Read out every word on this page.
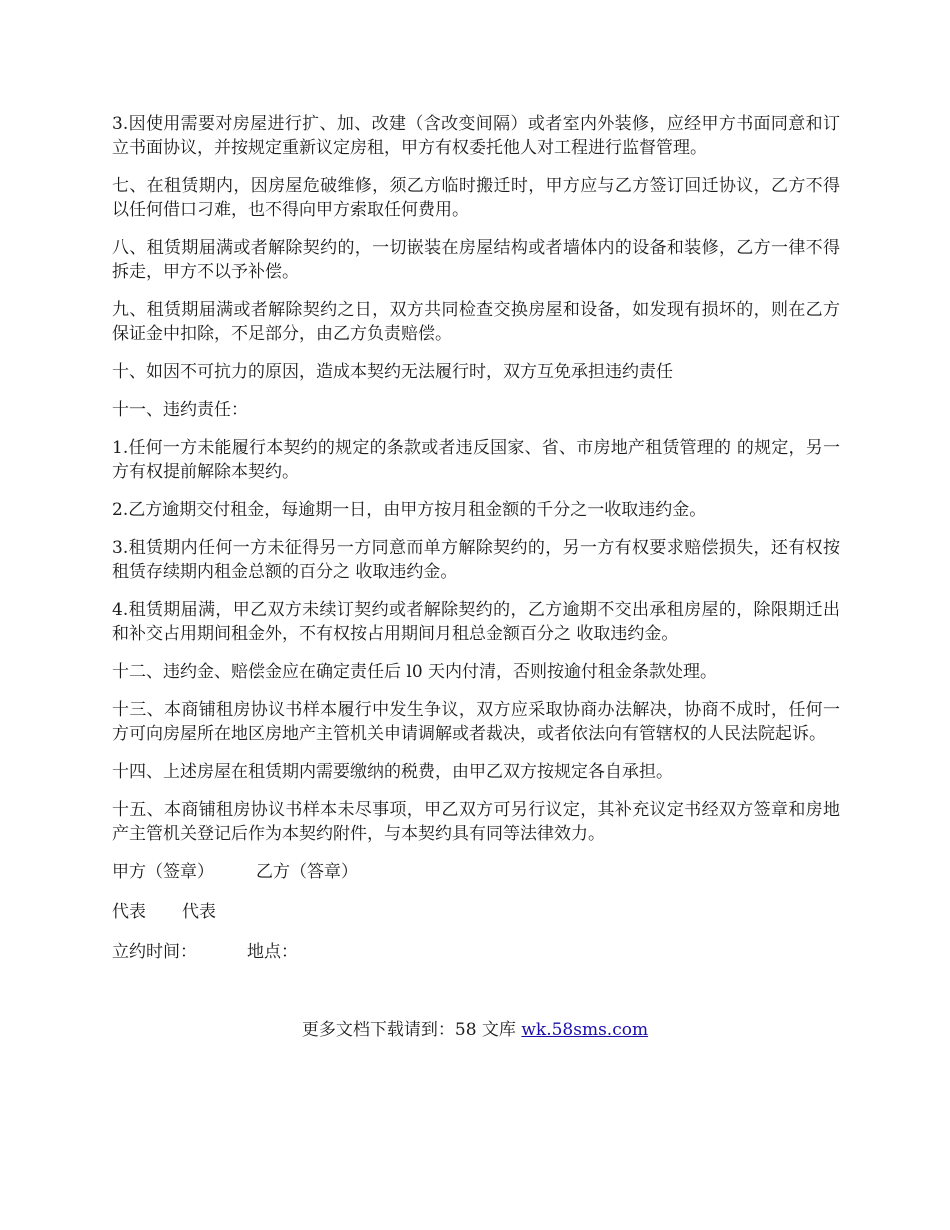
3.因使用需要对房屋进行扩、加、改建（含改变间隔）或者室内外装修，应经甲方书面同意和订立书面协议，并按规定重新议定房租，甲方有权委托他人对工程进行监督管理。

七、在租赁期内，因房屋危破维修，须乙方临时搬迁时，甲方应与乙方签订回迁协议，乙方不得以任何借口刁难，也不得向甲方索取任何费用。

八、租赁期届满或者解除契约的，一切嵌装在房屋结构或者墙体内的设备和装修，乙方一律不得拆走，甲方不以予补偿。

九、租赁期届满或者解除契约之日，双方共同检查交换房屋和设备，如发现有损坏的，则在乙方保证金中扣除，不足部分，由乙方负责赔偿。

十、如因不可抗力的原因，造成本契约无法履行时，双方互免承担违约责任

十一、违约责任：

1.任何一方未能履行本契约的规定的条款或者违反国家、省、市房地产租赁管理的 的规定，另一方有权提前解除本契约。

2.乙方逾期交付租金，每逾期一日，由甲方按月租金额的千分之一收取违约金。

3.租赁期内任何一方未征得另一方同意而单方解除契约的，另一方有权要求赔偿损失，还有权按租赁存续期内租金总额的百分之 收取违约金。

4.租赁期届满，甲乙双方未续订契约或者解除契约的，乙方逾期不交出承租房屋的，除限期迁出和补交占用期间租金外，不有权按占用期间月租总金额百分之 收取违约金。

十二、违约金、赔偿金应在确定责任后 l0 天内付清，否则按逾付租金条款处理。

十三、本商铺租房协议书样本履行中发生争议，双方应采取协商办法解决，协商不成时，任何一方可向房屋所在地区房地产主管机关申请调解或者裁决，或者依法向有管辖权的人民法院起诉。

十四、上述房屋在租赁期内需要缴纳的税费，由甲乙双方按规定各自承担。

十五、本商铺租房协议书样本未尽事项，甲乙双方可另行议定，其补充议定书经双方签章和房地产主管机关登记后作为本契约附件，与本契约具有同等法律效力。

甲方（签章） 乙方（答章）
代表 代表
立约时间：	地点：
更多文档下载请到：58 文库 wk.58sms.com
